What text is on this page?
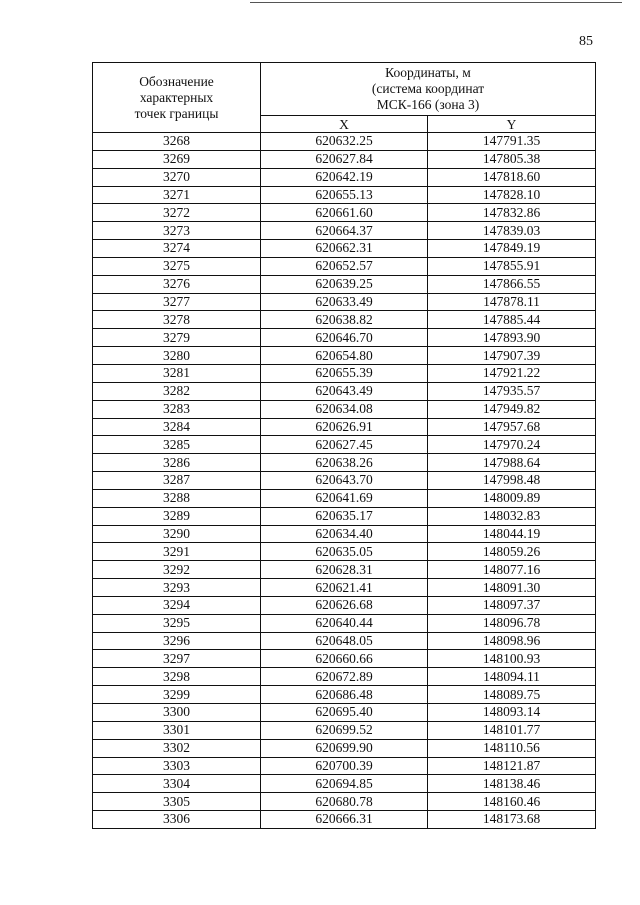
85
Обозначение
характерных
точек границы	Координаты, м
(система координат
МСК-166 (зона 3)	

	X	Y
3268	620632.25	147791.35
3269	620627.84	147805.38
3270	620642.19	147818.60
3271	620655.13	147828.10
3272	620661.60	147832.86
3273	620664.37	147839.03
3274	620662.31	147849.19
3275	620652.57	147855.91
3276	620639.25	147866.55
3277	620633.49	147878.11
3278	620638.82	147885.44
3279	620646.70	147893.90
3280	620654.80	147907.39
3281	620655.39	147921.22
3282	620643.49	147935.57
3283	620634.08	147949.82
3284	620626.91	147957.68
3285	620627.45	147970.24
3286	620638.26	147988.64
3287	620643.70	147998.48
3288	620641.69	148009.89
3289	620635.17	148032.83
3290	620634.40	148044.19
3291	620635.05	148059.26
3292	620628.31	148077.16
3293	620621.41	148091.30
3294	620626.68	148097.37
3295	620640.44	148096.78
3296	620648.05	148098.96
3297	620660.66	148100.93
3298	620672.89	148094.11
3299	620686.48	148089.75
3300	620695.40	148093.14
3301	620699.52	148101.77
3302	620699.90	148110.56
3303	620700.39	148121.87
3304	620694.85	148138.46
3305	620680.78	148160.46
3306	620666.31	148173.68
